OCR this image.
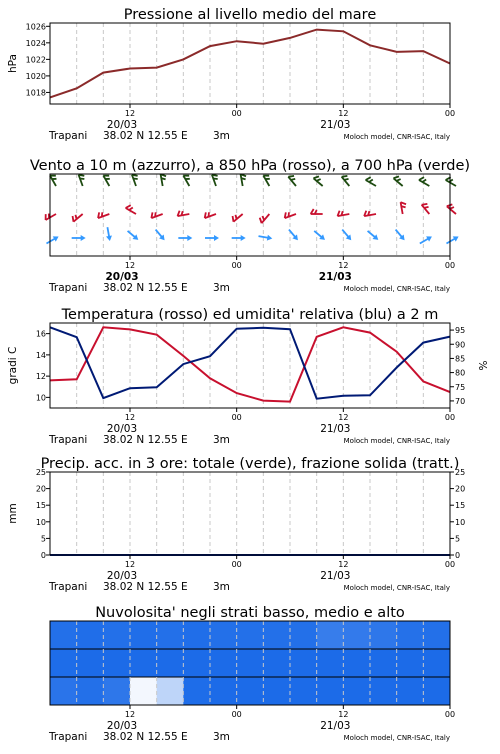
Pressione al livello medio del mare
1018
1020
1022
1024
1026
hPa
12	00	12	00
20/03	21/03
Trapani 38.02 N 12.55 E 3m	Moloch model, CNR-ISAC, Italy
Vento a 10 m (azzurro), a 850 hPa (rosso), a 700 hPa (verde)
12	00	12	00
20/03	21/03
Trapani 38.02 N 12.55 E 3m	Moloch model, CNR-ISAC, Italy
Temperatura (rosso) ed umidita' relativa (blu) a 2 m
10
12
14
16
70
75
80
85
90
95
gradi C	%
12	00	12	00
20/03	21/03
Trapani 38.02 N 12.55 E 3m	Moloch model, CNR-ISAC, Italy
Precip. acc. in 3 ore: totale (verde), frazione solida (tratt.)
0
5
10
15
20
25
0
5
10
15
20
25
mm
12	00	12	00
20/03	21/03
Trapani 38.02 N 12.55 E 3m	Moloch model, CNR-ISAC, Italy
Nuvolosita' negli strati basso, medio e alto
12	00	12	00
20/03	21/03
Trapani 38.02 N 12.55 E 3m	Moloch model, CNR-ISAC, Italy
